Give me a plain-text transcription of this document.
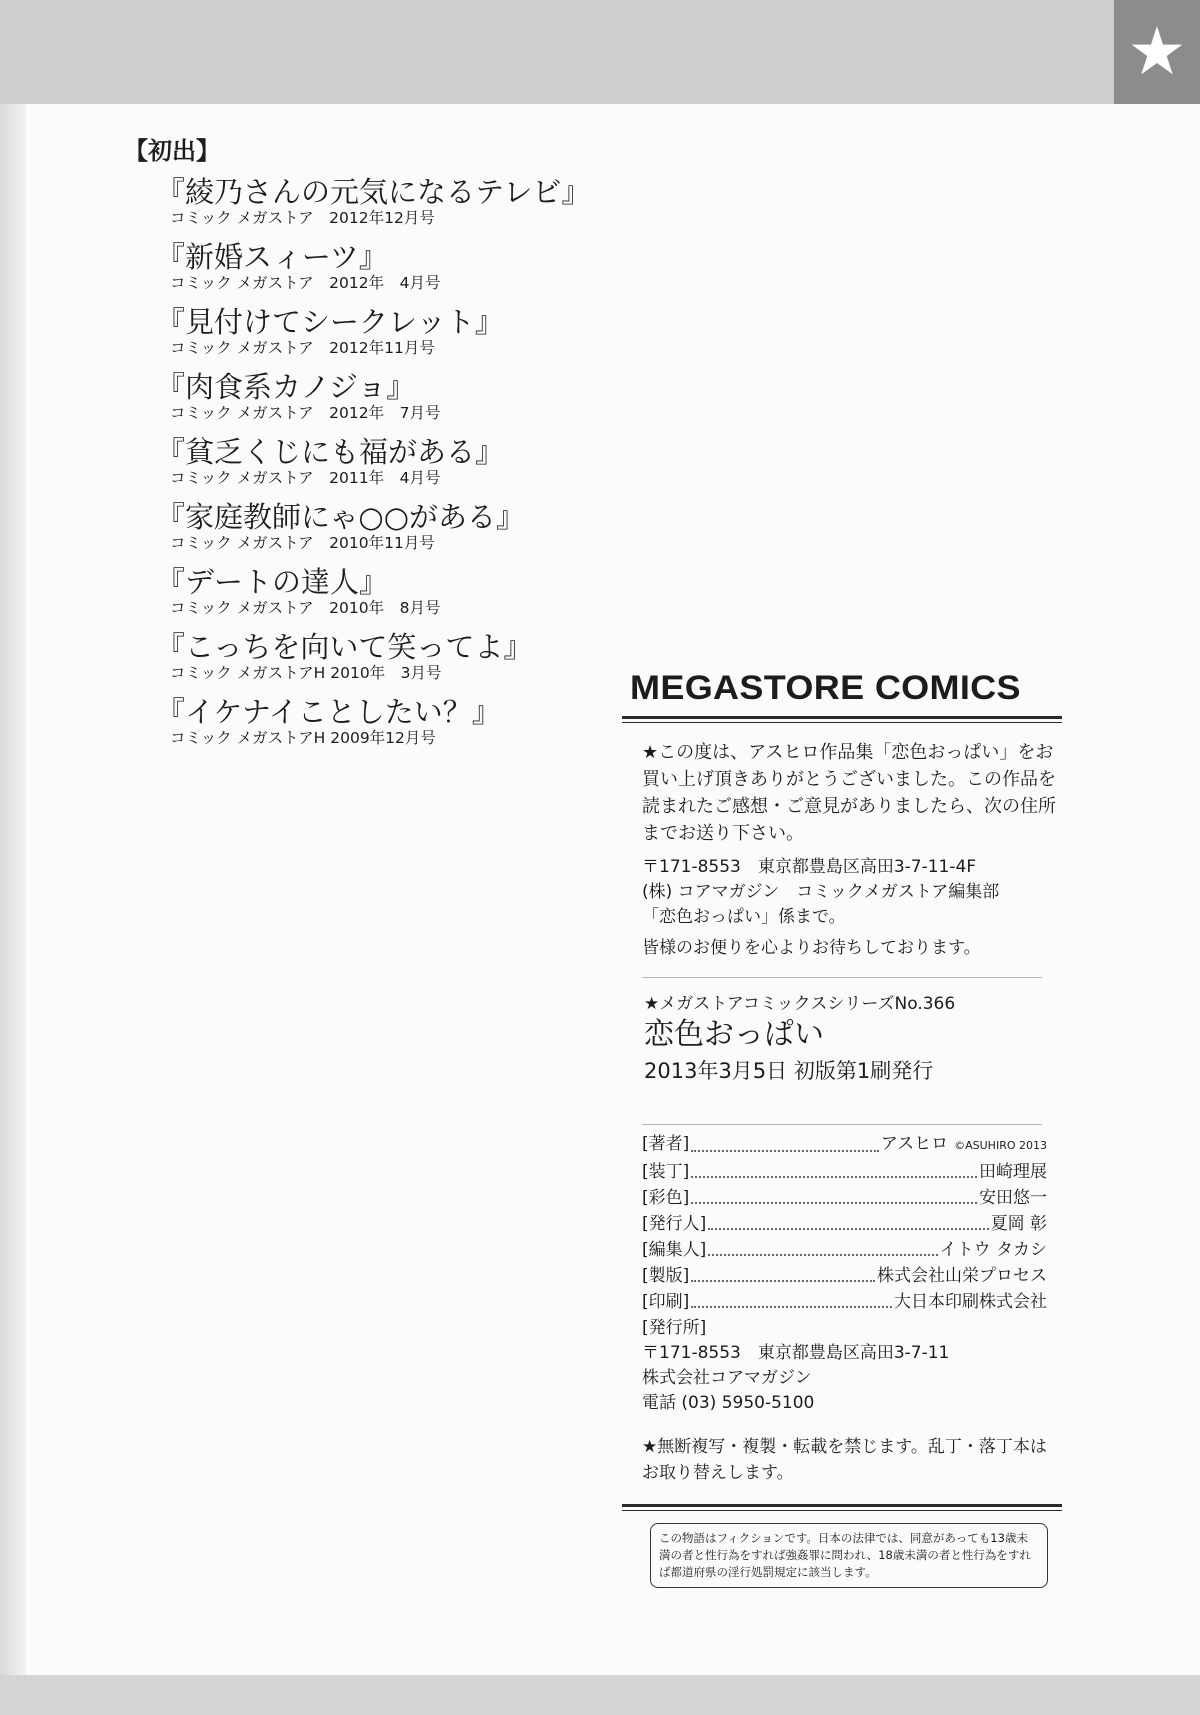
★
【初出】
『綾乃さんの元気になるテレビ』
コミック メガストア　2012年12月号
『新婚スィーツ』
コミック メガストア　2012年　4月号
『見付けてシークレット』
コミック メガストア　2012年11月号
『肉食系カノジョ』
コミック メガストア　2012年　7月号
『貧乏くじにも福がある』
コミック メガストア　2011年　4月号
『家庭教師にゃ○○がある』
コミック メガストア　2010年11月号
『デートの達人』
コミック メガストア　2010年　8月号
『こっちを向いて笑ってよ』
コミック メガストアH 2010年　3月号
『イケナイことしたい？』
コミック メガストアH 2009年12月号
MEGASTORE COMICS
★この度は、アスヒロ作品集「恋色おっぱい」をお買い上げ頂きありがとうございました。この作品を読まれたご感想・ご意見がありましたら、次の住所までお送り下さい。
〒171-8553　東京都豊島区高田3-7-11-4F
(株) コアマガジン　コミックメガストア編集部
「恋色おっぱい」係まで。
皆様のお便りを心よりお待ちしております。
★メガストアコミックスシリーズNo.366
恋色おっぱい
2013年3月5日 初版第1刷発行
[著者]	アスヒロ ©ASUHIRO 2013
[装丁]	田崎理展
[彩色]	安田悠一
[発行人]	夏岡 彰
[編集人]	イトウ タカシ
[製版]	株式会社山栄プロセス
[印刷]	大日本印刷株式会社
[発行所]
〒171-8553　東京都豊島区高田3-7-11
株式会社コアマガジン
電話 (03) 5950-5100
★無断複写・複製・転載を禁じます。乱丁・落丁本はお取り替えします。
この物語はフィクションです。日本の法律では、同意があっても13歳未満の者と性行為をすれば強姦罪に問われ、18歳未満の者と性行為をすれば都道府県の淫行処罰規定に該当します。
